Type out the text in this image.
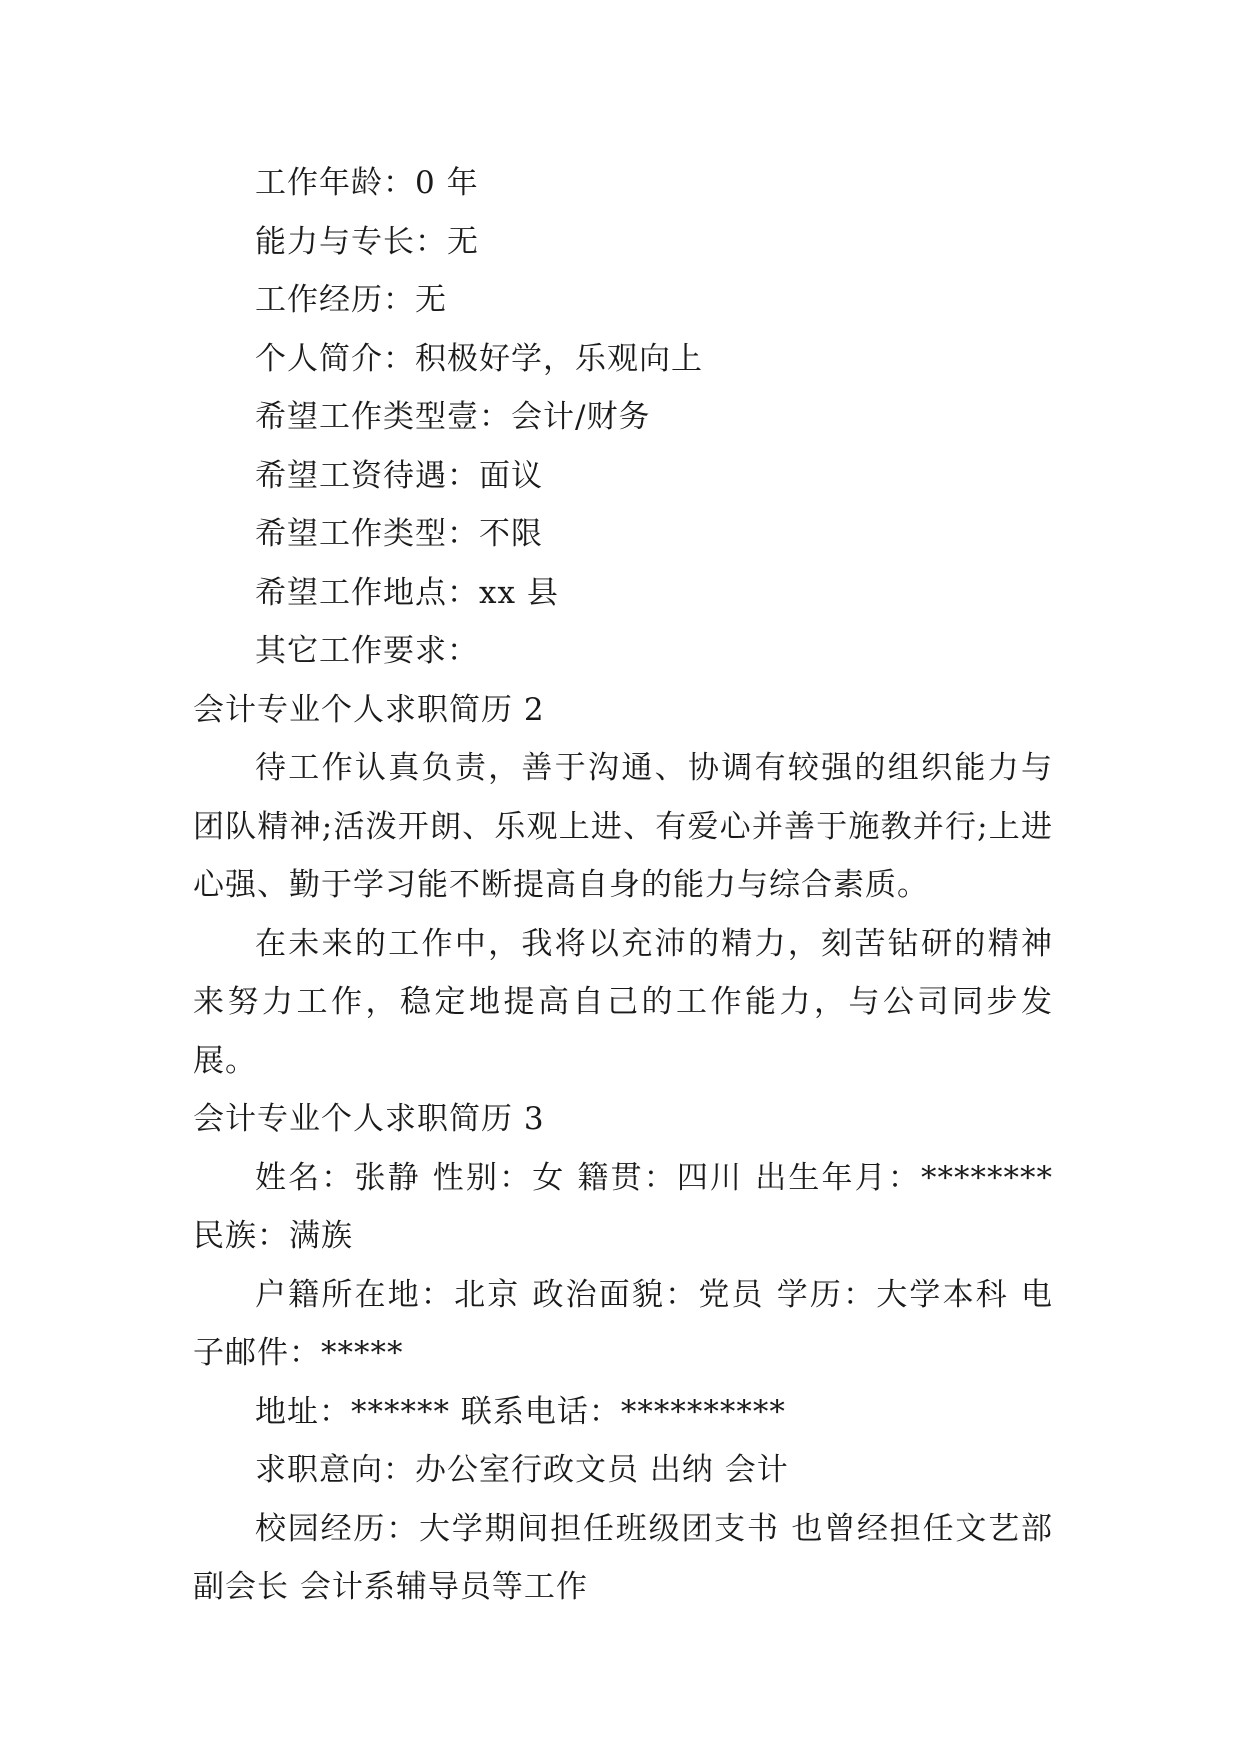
工作年龄：0 年
能力与专长：无
工作经历：无
个人简介：积极好学，乐观向上
希望工作类型壹：会计/财务
希望工资待遇：面议
希望工作类型：不限
希望工作地点：xx 县
其它工作要求：
会计专业个人求职简历 2
待工作认真负责，善于沟通、协调有较强的组织能力与团队精神;活泼开朗、乐观上进、有爱心并善于施教并行;上进心强、勤于学习能不断提高自身的能力与综合素质。
在未来的工作中，我将以充沛的精力，刻苦钻研的精神来努力工作，稳定地提高自己的工作能力，与公司同步发展。
会计专业个人求职简历 3
姓名：张静 性别：女 籍贯：四川 出生年月：******** 民族：满族
户籍所在地：北京 政治面貌：党员 学历：大学本科 电子邮件：*****
地址：****** 联系电话：**********
求职意向：办公室行政文员 出纳 会计
校园经历：大学期间担任班级团支书 也曾经担任文艺部副会长 会计系辅导员等工作
